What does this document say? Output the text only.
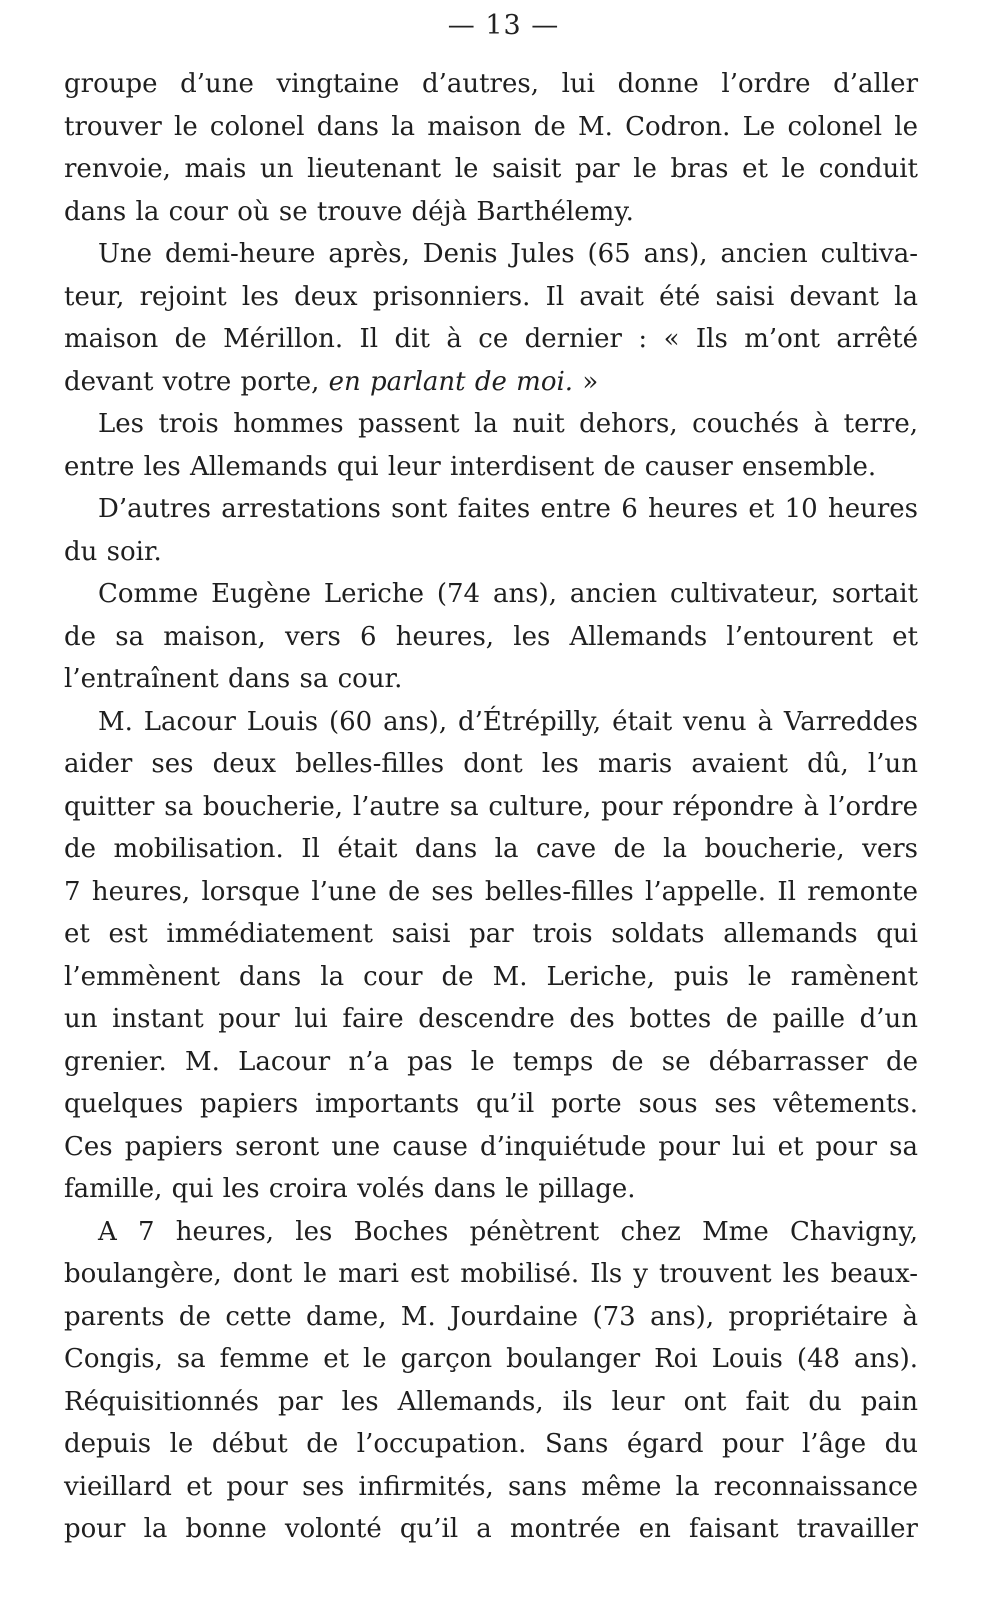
— 13 —
groupe d’une vingtaine d’autres, lui donne l’ordre d’aller
trouver le colonel dans la maison de M. Codron. Le colonel le
renvoie, mais un lieutenant le saisit par le bras et le conduit
dans la cour où se trouve déjà Barthélemy.
Une demi-heure après, Denis Jules (65 ans), ancien cultiva-
teur, rejoint les deux prisonniers. Il avait été saisi devant la
maison de Mérillon. Il dit à ce dernier : « Ils m’ont arrêté
devant votre porte, en parlant de moi. »
Les trois hommes passent la nuit dehors, couchés à terre,
entre les Allemands qui leur interdisent de causer ensemble.
D’autres arrestations sont faites entre 6 heures et 10 heures
du soir.
Comme Eugène Leriche (74 ans), ancien cultivateur, sortait
de sa maison, vers 6 heures, les Allemands l’entourent et
l’entraînent dans sa cour.
M. Lacour Louis (60 ans), d’Étrépilly, était venu à Varreddes
aider ses deux belles-filles dont les maris avaient dû, l’un
quitter sa boucherie, l’autre sa culture, pour répondre à l’ordre
de mobilisation. Il était dans la cave de la boucherie, vers
7 heures, lorsque l’une de ses belles-filles l’appelle. Il remonte
et est immédiatement saisi par trois soldats allemands qui
l’emmènent dans la cour de M. Leriche, puis le ramènent
un instant pour lui faire descendre des bottes de paille d’un
grenier. M. Lacour n’a pas le temps de se débarrasser de
quelques papiers importants qu’il porte sous ses vêtements.
Ces papiers seront une cause d’inquiétude pour lui et pour sa
famille, qui les croira volés dans le pillage.
A 7 heures, les Boches pénètrent chez Mme Chavigny,
boulangère, dont le mari est mobilisé. Ils y trouvent les beaux-
parents de cette dame, M. Jourdaine (73 ans), propriétaire à
Congis, sa femme et le garçon boulanger Roi Louis (48 ans).
Réquisitionnés par les Allemands, ils leur ont fait du pain
depuis le début de l’occupation. Sans égard pour l’âge du
vieillard et pour ses infirmités, sans même la reconnaissance
pour la bonne volonté qu’il a montrée en faisant travailler
